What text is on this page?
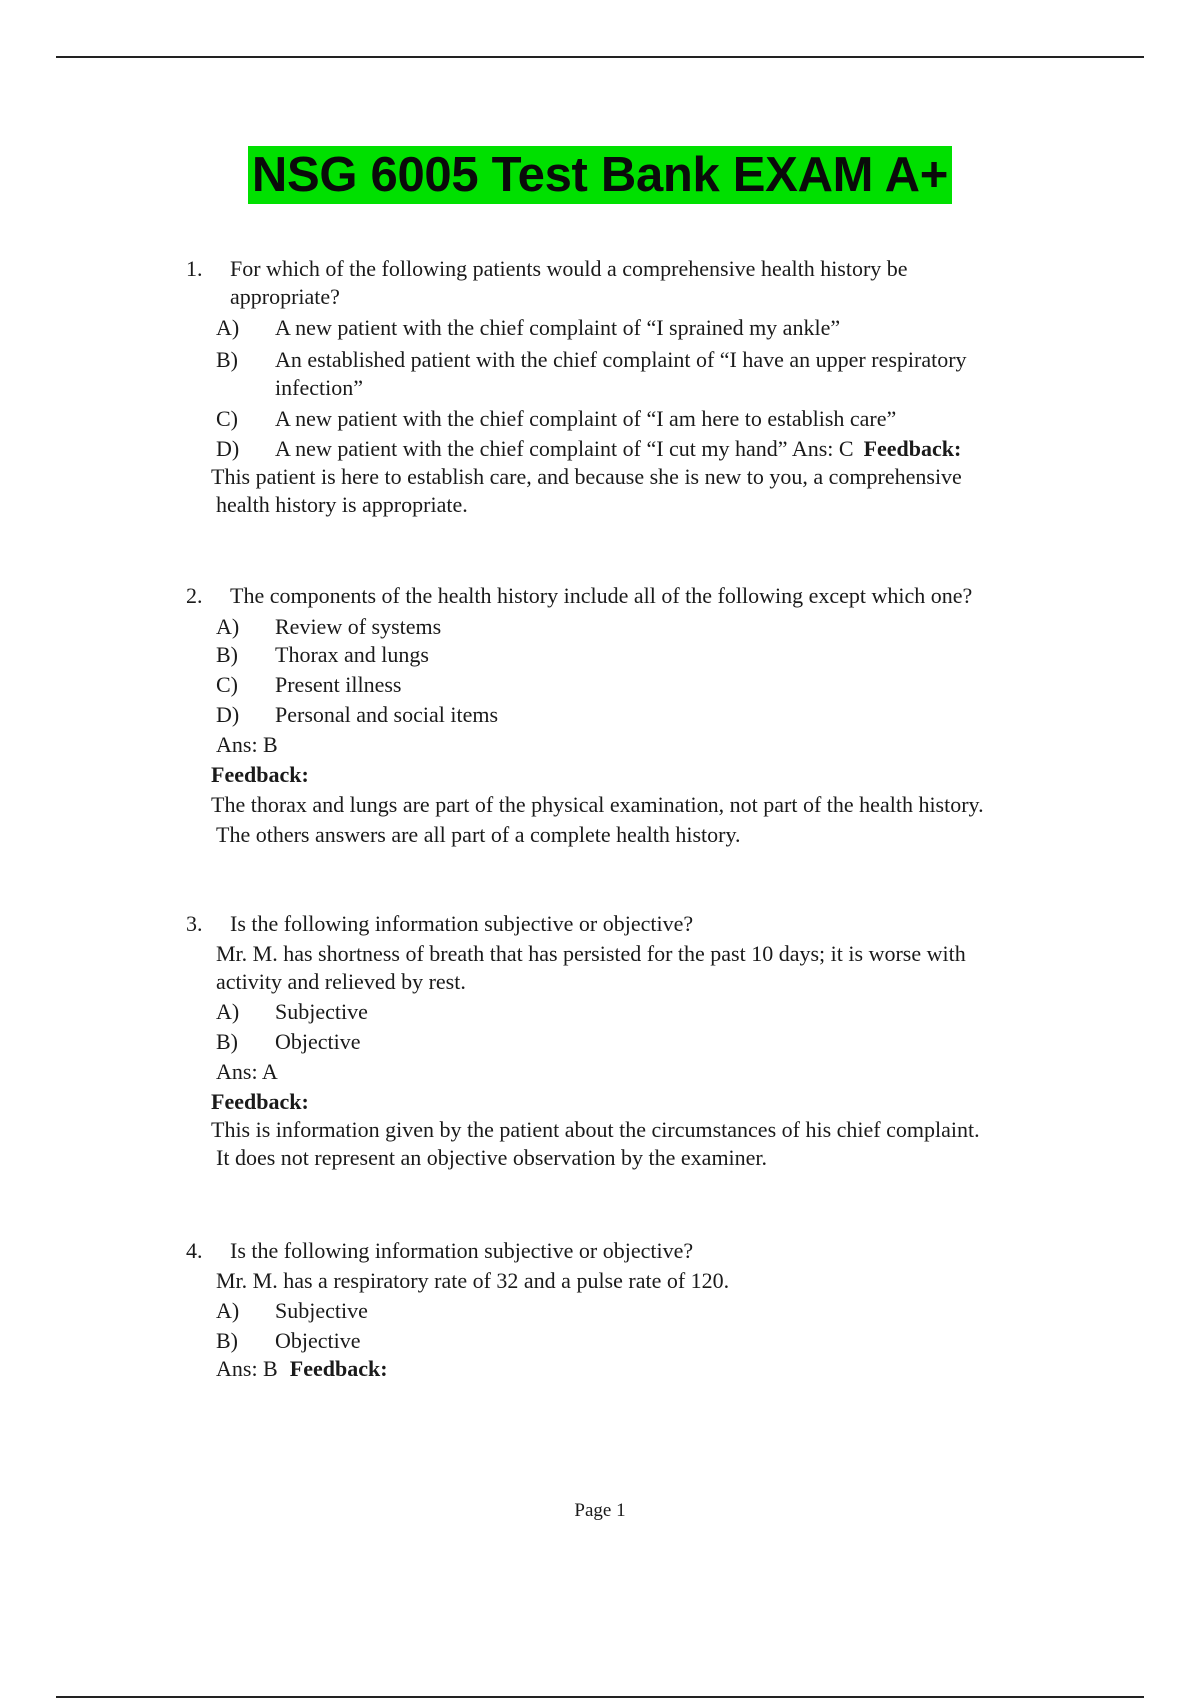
NSG 6005 Test Bank EXAM A+
1. For which of the following patients would a comprehensive health history be
appropriate?
A) A new patient with the chief complaint of “I sprained my ankle”
B) An established patient with the chief complaint of “I have an upper respiratory
infection”
C) A new patient with the chief complaint of “I am here to establish care”
D) A new patient with the chief complaint of “I cut my hand” Ans: C Feedback:
This patient is here to establish care, and because she is new to you, a comprehensive
health history is appropriate.
2. The components of the health history include all of the following except which one?
A) Review of systems
B) Thorax and lungs
C) Present illness
D) Personal and social items
Ans: B
Feedback:
The thorax and lungs are part of the physical examination, not part of the health history.
The others answers are all part of a complete health history.
3. Is the following information subjective or objective?
Mr. M. has shortness of breath that has persisted for the past 10 days; it is worse with
activity and relieved by rest.
A) Subjective
B) Objective
Ans: A
Feedback:
This is information given by the patient about the circumstances of his chief complaint.
It does not represent an objective observation by the examiner.
4. Is the following information subjective or objective?
Mr. M. has a respiratory rate of 32 and a pulse rate of 120.
A) Subjective
B) Objective
Ans: B Feedback:
Page 1
